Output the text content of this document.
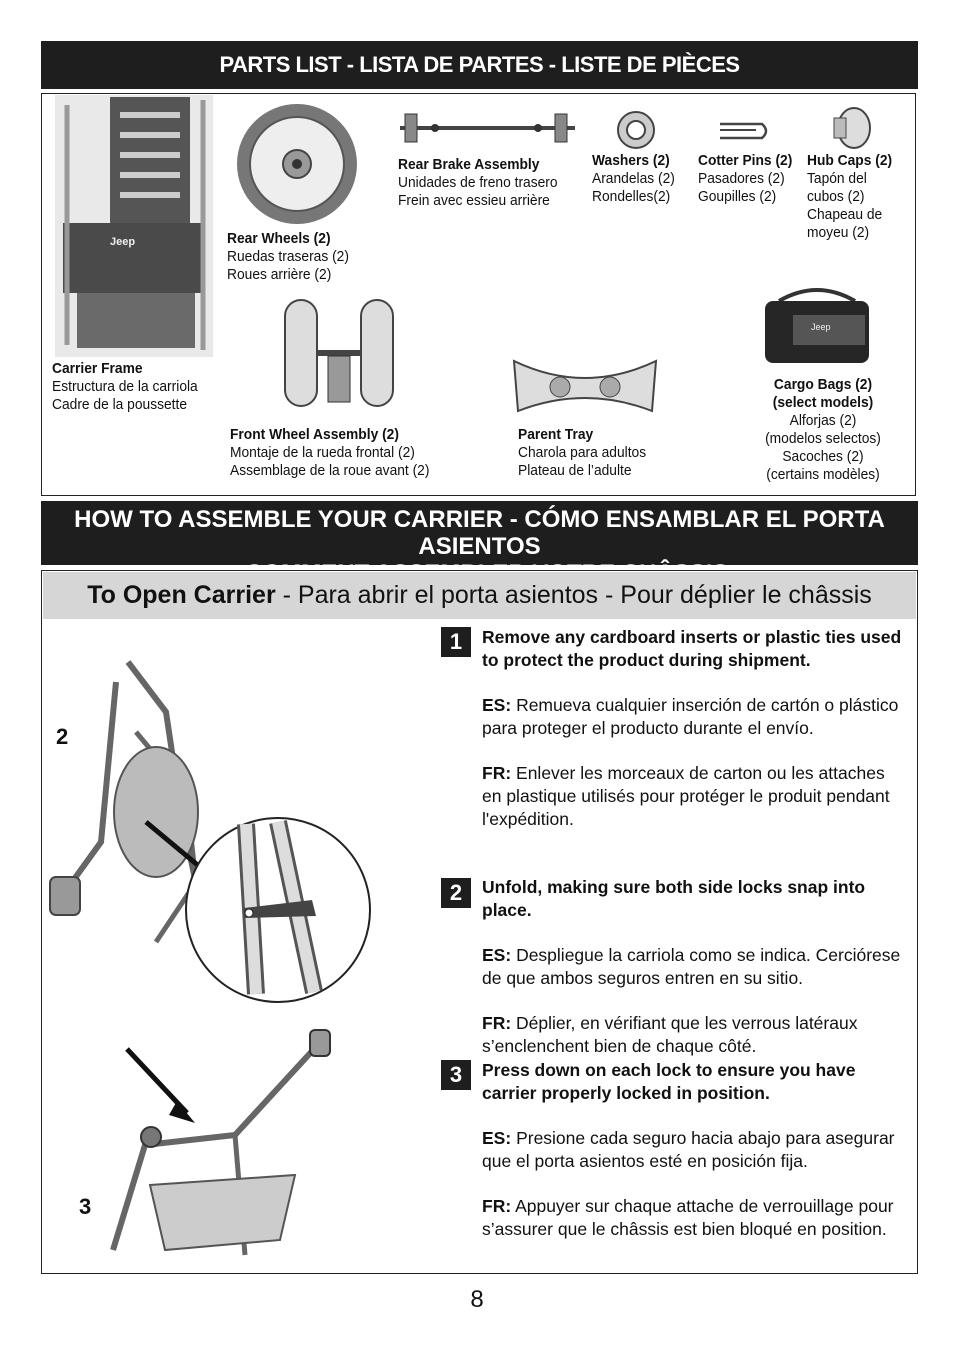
PARTS LIST - LISTA DE PARTES - LISTE DE PIÈCES
Jeep
Carrier Frame
Estructura de la carriola
Cadre de la poussette
Rear Wheels (2)
Ruedas traseras (2)
Roues arrière (2)
Rear Brake Assembly
Unidades de freno trasero
Frein avec essieu arrière
Washers (2)
Arandelas (2)
Rondelles(2)
Cotter Pins (2)
Pasadores (2)
Goupilles (2)
Hub Caps (2)
Tapón del cubos (2)
Chapeau de moyeu (2)
Front Wheel Assembly (2)
Montaje de la rueda frontal (2)
Assemblage de la roue avant (2)
Parent Tray
Charola para adultos
Plateau de l’adulte
Jeep
Cargo Bags (2) (select models)
Alforjas (2) (modelos selectos)
Sacoches (2) (certains modèles)
HOW TO ASSEMBLE YOUR CARRIER - CÓMO ENSAMBLAR EL PORTA ASIENTOS
To Open Carrier - Para abrir el porta asientos - Pour déplier le châssis
2
3
1	Remove any cardboard inserts or plastic ties used to protect the product during shipment.

ES: Remueva cualquier inserción de cartón o plástico para proteger el producto durante el envío.

FR: Enlever les morceaux de carton ou les attaches en plastique utilisés pour protéger le produit pendant l'expédition.

2	Unfold, making sure both side locks snap into place.

ES: Despliegue la carriola como se indica. Cerciórese de que ambos seguros entren en su sitio.

FR: Déplier, en vérifiant que les verrous latéraux s’enclenchent bien de chaque côté.

3	Press down on each lock to ensure you have carrier properly locked in position.

ES: Presione cada seguro hacia abajo para asegurar que el porta asientos esté en posición fija.

FR: Appuyer sur chaque attache de verrouillage pour s’assurer que le châssis est bien bloqué en position.

8
